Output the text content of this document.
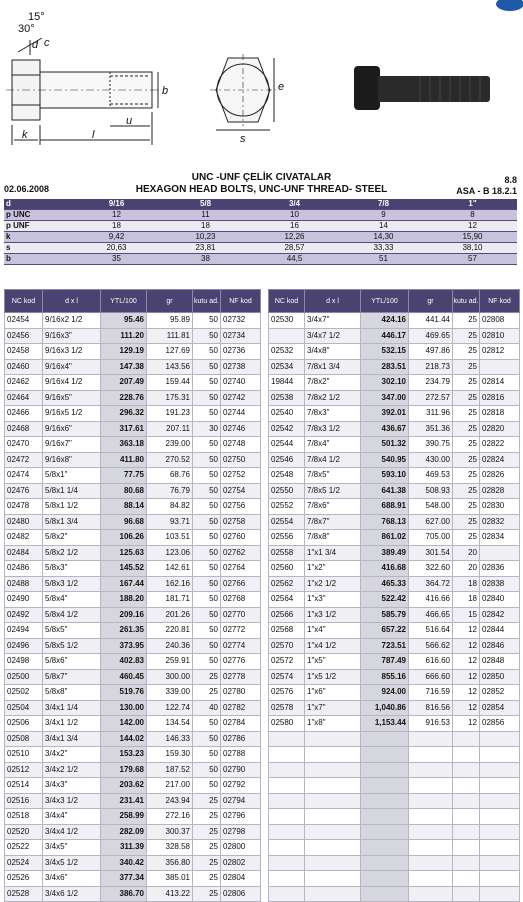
15°
30°
d c
k	l
u
b	e
s
UNC -UNF ÇELİK CIVATALAR
HEXAGON HEAD BOLTS, UNC-UNF THREAD- STEEL
02.06.2008
8.8
ASA - B 18.2.1
d	9/16	5/8	3/4	7/8	1"
p UNC	12	11	10	9	8
p UNF	18	18	16	14	12
k	9,42	10,23	12,26	14,30	15,90
s	20,63	23,81	28,57	33,33	38,10
b	35	38	44,5	51	57
NC kod	d x l	YTL/100	gr	kutu ad.	NF kod
02454	9/16x2 1/2	95.46	95.89	50	02732
02456	9/16x3"	111.20	111.81	50	02734
02458	9/16x3 1/2	129.19	127.69	50	02736
02460	9/16x4"	147.38	143.56	50	02738
02462	9/16x4 1/2	207.49	159.44	50	02740
02464	9/16x5"	228.76	175.31	50	02742
02466	9/16x5 1/2	296.32	191.23	50	02744
02468	9/16x6"	317.61	207.11	30	02746
02470	9/16x7"	363.18	239.00	50	02748
02472	9/16x8"	411.80	270.52	50	02750
02474	5/8x1"	77.75	68.76	50	02752
02476	5/8x1 1/4	80.68	76.79	50	02754
02478	5/8x1 1/2	88.14	84.82	50	02756
02480	5/8x1 3/4	96.68	93.71	50	02758
02482	5/8x2"	106.26	103.51	50	02760
02484	5/8x2 1/2	125.63	123.06	50	02762
02486	5/8x3"	145.52	142.61	50	02764
02488	5/8x3 1/2	167.44	162.16	50	02766
02490	5/8x4"	188.20	181.71	50	02768
02492	5/8x4 1/2	209.16	201.26	50	02770
02494	5/8x5"	261.35	220.81	50	02772
02496	5/8x5 1/2	373.95	240.36	50	02774
02498	5/8x6"	402.83	259.91	50	02776
02500	5/8x7"	460.45	300.00	25	02778
02502	5/8x8"	519.76	339.00	25	02780
02504	3/4x1 1/4	130.00	122.74	40	02782
02506	3/4x1 1/2	142.00	134.54	50	02784
02508	3/4x1 3/4	144.02	146.33	50	02786
02510	3/4x2"	153.23	159.30	50	02788
02512	3/4x2 1/2	179.68	187.52	50	02790
02514	3/4x3"	203.62	217.00	50	02792
02516	3/4x3 1/2	231.41	243.94	25	02794
02518	3/4x4"	258.99	272.16	25	02796
02520	3/4x4 1/2	282.09	300.37	25	02798
02522	3/4x5"	311.39	328.58	25	02800
02524	3/4x5 1/2	340.42	356.80	25	02802
02526	3/4x6"	377.34	385.01	25	02804
02528	3/4x6 1/2	386.70	413.22	25	02806
NC kod	d x l	YTL/100	gr	kutu ad.	NF kod
02530	3/4x7"	424.16	441.44	25	02808
	3/4x7 1/2	446.17	469.65	25	02810
02532	3/4x8"	532.15	497.86	25	02812
02534	7/8x1 3/4	283.51	218.73	25	
19844	7/8x2"	302.10	234.79	25	02814
02538	7/8x2 1/2	347.00	272.57	25	02816
02540	7/8x3"	392.01	311.96	25	02818
02542	7/8x3 1/2	436.67	351.36	25	02820
02544	7/8x4"	501.32	390.75	25	02822
02546	7/8x4 1/2	540.95	430.00	25	02824
02548	7/8x5"	593.10	469.53	25	02826
02550	7/8x5 1/2	641.38	508.93	25	02828
02552	7/8x6"	688.91	548.00	25	02830
02554	7/8x7"	768.13	627.00	25	02832
02556	7/8x8"	861.02	705.00	25	02834
02558	1"x1 3/4	389.49	301.54	20	
02560	1"x2"	416.68	322.60	20	02836
02562	1"x2 1/2	465.33	364.72	18	02838
02564	1"x3"	522.42	416.66	18	02840
02566	1"x3 1/2	585.79	466.65	15	02842
02568	1"x4"	657.22	516.64	12	02844
02570	1"x4 1/2	723.51	566.62	12	02846
02572	1"x5"	787.49	616.60	12	02848
02574	1"x5 1/2	855.16	666.60	12	02850
02576	1"x6"	924.00	716.59	12	02852
02578	1"x7"	1,040.86	816.56	12	02854
02580	1"x8"	1,153.44	916.53	12	02856
